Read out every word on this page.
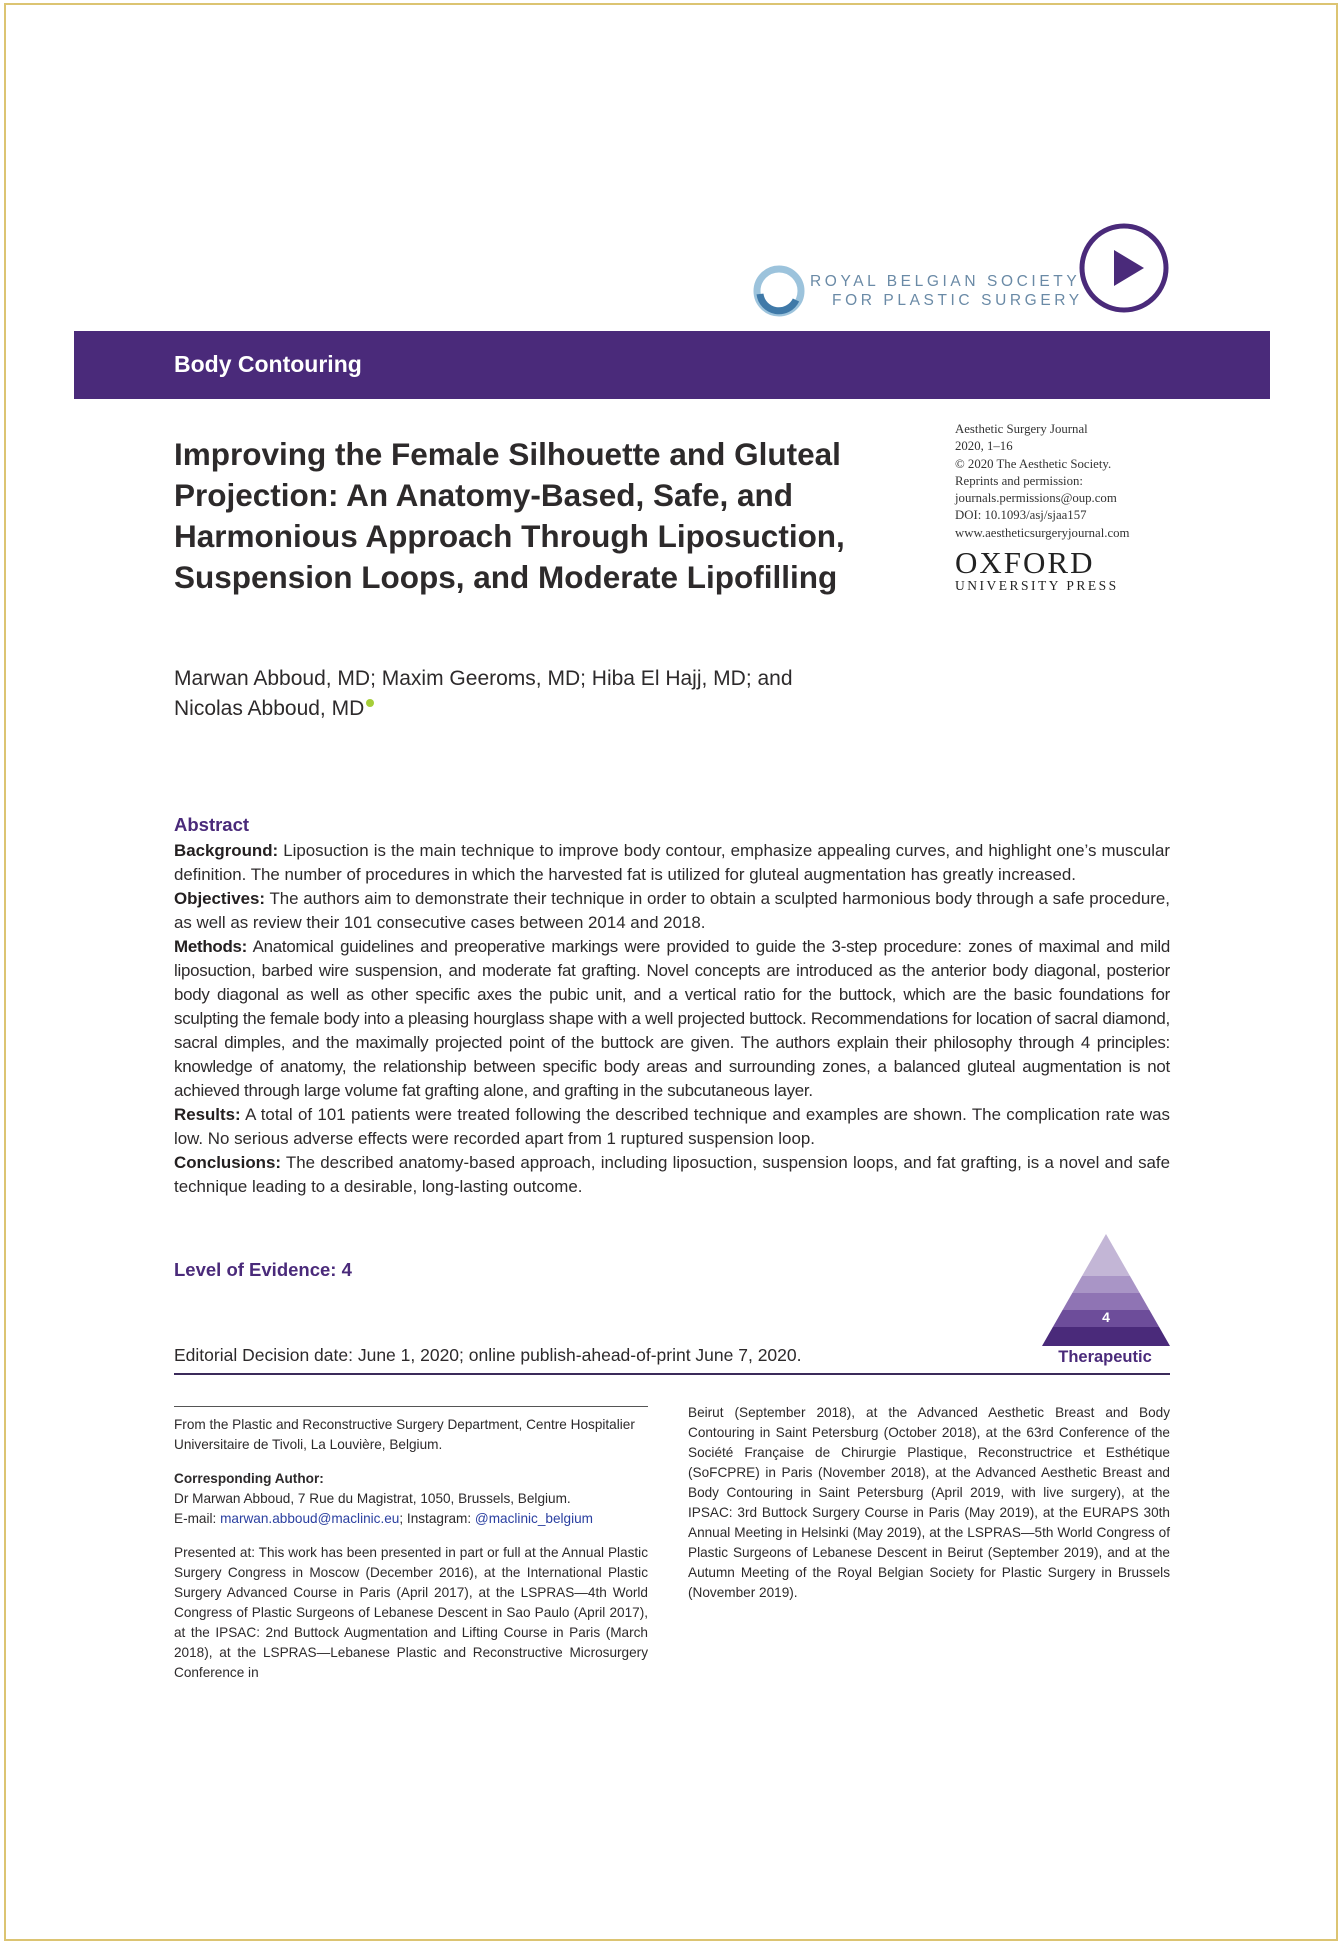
ROYAL BELGIAN SOCIETY
FOR PLASTIC SURGERY
Body Contouring
Improving the Female Silhouette and Gluteal Projection: An Anatomy-Based, Safe, and Harmonious Approach Through Liposuction, Suspension Loops, and Moderate Lipofilling
Aesthetic Surgery Journal
2020, 1–16
© 2020 The Aesthetic Society.
Reprints and permission:
journals.permissions@oup.com
DOI: 10.1093/asj/sjaa157
www.aestheticsurgeryjournal.com
OXFORD
UNIVERSITY PRESS
Marwan Abboud, MD; Maxim Geeroms, MD; Hiba El Hajj, MD; and
Nicolas Abboud, MD
Abstract

Background: Liposuction is the main technique to improve body contour, emphasize appealing curves, and highlight one’s muscular definition. The number of procedures in which the harvested fat is utilized for gluteal augmentation has greatly increased.

Objectives: The authors aim to demonstrate their technique in order to obtain a sculpted harmonious body through a safe procedure, as well as review their 101 consecutive cases between 2014 and 2018.

Methods: Anatomical guidelines and preoperative markings were provided to guide the 3-step procedure: zones of maximal and mild liposuction, barbed wire suspension, and moderate fat grafting. Novel concepts are introduced as the anterior body diagonal, posterior body diagonal as well as other specific axes the pubic unit, and a vertical ratio for the buttock, which are the basic foundations for sculpting the female body into a pleasing hourglass shape with a well projected buttock. Recommendations for location of sacral diamond, sacral dimples, and the maximally projected point of the buttock are given. The authors explain their philosophy through 4 principles: knowledge of anatomy, the relationship between specific body areas and surrounding zones, a balanced gluteal augmentation is not achieved through large volume fat grafting alone, and grafting in the subcutaneous layer.

Results: A total of 101 patients were treated following the described technique and examples are shown. The complication rate was low. No serious adverse effects were recorded apart from 1 ruptured suspension loop.

Conclusions: The described anatomy-based approach, including liposuction, suspension loops, and fat grafting, is a novel and safe technique leading to a desirable, long-lasting outcome.

Level of Evidence: 4
4
Therapeutic
Editorial Decision date: June 1, 2020; online publish-ahead-of-print June 7, 2020.

From the Plastic and Reconstructive Surgery Department, Centre Hospitalier Universitaire de Tivoli, La Louvière, Belgium.

Corresponding Author:
Dr Marwan Abboud, 7 Rue du Magistrat, 1050, Brussels, Belgium.
E-mail: marwan.abboud@maclinic.eu; Instagram: @maclinic_belgium

Presented at: This work has been presented in part or full at the Annual Plastic Surgery Congress in Moscow (December 2016), at the International Plastic Surgery Advanced Course in Paris (April 2017), at the LSPRAS—4th World Congress of Plastic Surgeons of Lebanese Descent in Sao Paulo (April 2017), at the IPSAC: 2nd Buttock Augmentation and Lifting Course in Paris (March 2018), at the LSPRAS—Lebanese Plastic and Reconstructive Microsurgery Conference in

Beirut (September 2018), at the Advanced Aesthetic Breast and Body Contouring in Saint Petersburg (October 2018), at the 63rd Conference of the Société Française de Chirurgie Plastique, Reconstructrice et Esthétique (SoFCPRE) in Paris (November 2018), at the Advanced Aesthetic Breast and Body Contouring in Saint Petersburg (April 2019, with live surgery), at the IPSAC: 3rd Buttock Surgery Course in Paris (May 2019), at the EURAPS 30th Annual Meeting in Helsinki (May 2019), at the LSPRAS—5th World Congress of Plastic Surgeons of Lebanese Descent in Beirut (September 2019), and at the Autumn Meeting of the Royal Belgian Society for Plastic Surgery in Brussels (November 2019).
